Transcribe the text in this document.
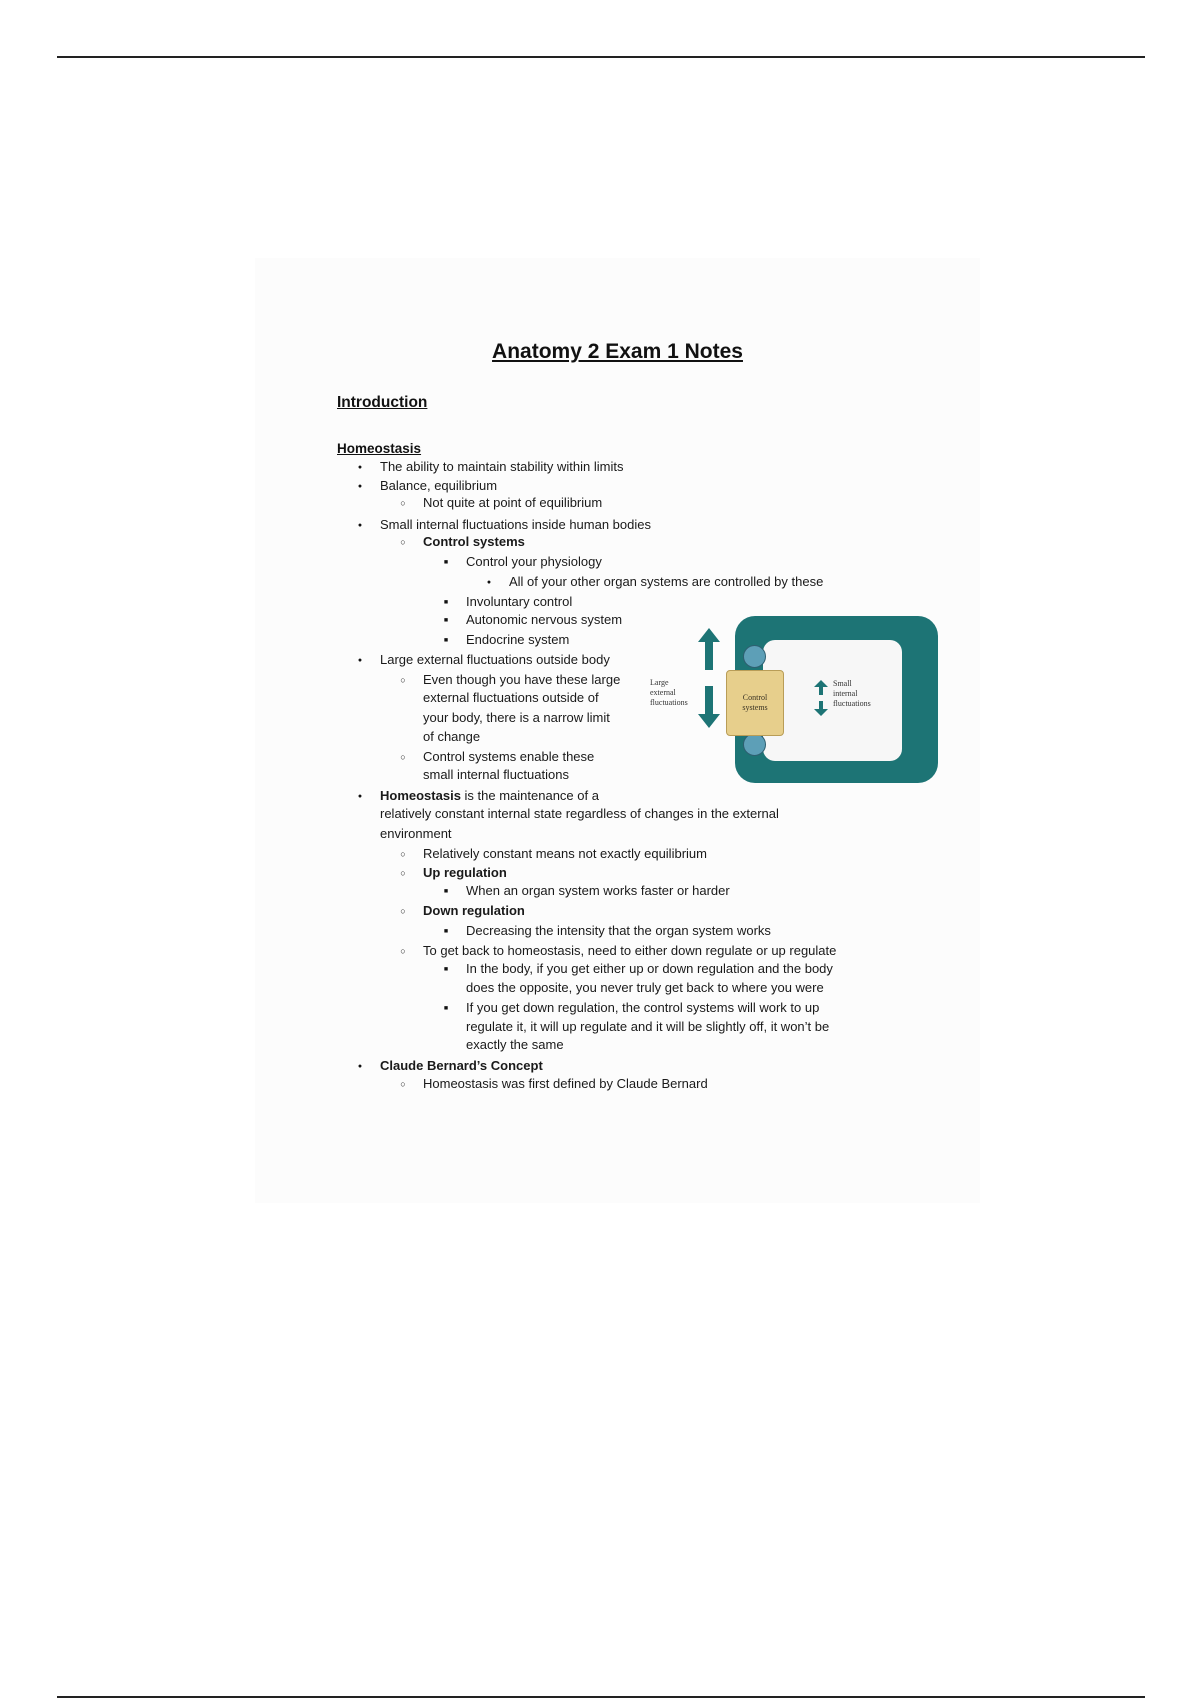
Anatomy 2 Exam 1 Notes
Introduction
Homeostasis
●
The ability to maintain stability within limits
●
Balance, equilibrium
○
Not quite at point of equilibrium
●
Small internal fluctuations inside human bodies
○
Control systems
■
Control your physiology
●
All of your other organ systems are controlled by these
■
Involuntary control
■
Autonomic nervous system
■
Endocrine system
●
Large external fluctuations outside body
○
Even though you have these large
external fluctuations outside of
your body, there is a narrow limit
of change
○
Control systems enable these
small internal fluctuations
●
Homeostasis is the maintenance of a
relatively constant internal state regardless of changes in the external
environment
○
Relatively constant means not exactly equilibrium
○
Up regulation
■
When an organ system works faster or harder
○
Down regulation
■
Decreasing the intensity that the organ system works
○
To get back to homeostasis, need to either down regulate or up regulate
■
In the body, if you get either up or down regulation and the body
does the opposite, you never truly get back to where you were
■
If you get down regulation, the control systems will work to up
regulate it, it will up regulate and it will be slightly off, it won’t be
exactly the same
●
Claude Bernard’s Concept
○
Homeostasis was first defined by Claude Bernard
Large
external
fluctuations
Control
systems
Small
internal
fluctuations
